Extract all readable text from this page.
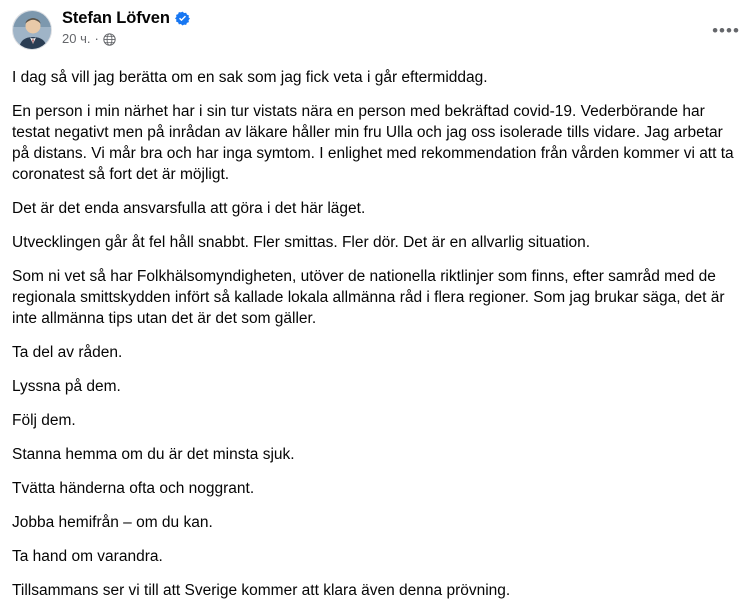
Stefan Löfven
20 ч. ·	••••

I dag så vill jag berätta om en sak som jag fick veta i går eftermiddag.

En person i min närhet har i sin tur vistats nära en person med bekräftad covid-19. Vederbörande har testat negativt men på inrådan av läkare håller min fru Ulla och jag oss isolerade tills vidare. Jag arbetar på distans. Vi mår bra och har inga symtom. I enlighet med rekommendation från vården kommer vi att ta coronatest så fort det är möjligt.

Det är det enda ansvarsfulla att göra i det här läget.

Utvecklingen går åt fel håll snabbt. Fler smittas. Fler dör. Det är en allvarlig situation.

Som ni vet så har Folkhälsomyndigheten, utöver de nationella riktlinjer som finns, efter samråd med de regionala smittskydden infört så kallade lokala allmänna råd i flera regioner. Som jag brukar säga, det är inte allmänna tips utan det är det som gäller.

Ta del av råden.

Lyssna på dem.

Följ dem.

Stanna hemma om du är det minsta sjuk.

Tvätta händerna ofta och noggrant.

Jobba hemifrån – om du kan.

Ta hand om varandra.

Tillsammans ser vi till att Sverige kommer att klara även denna prövning.
